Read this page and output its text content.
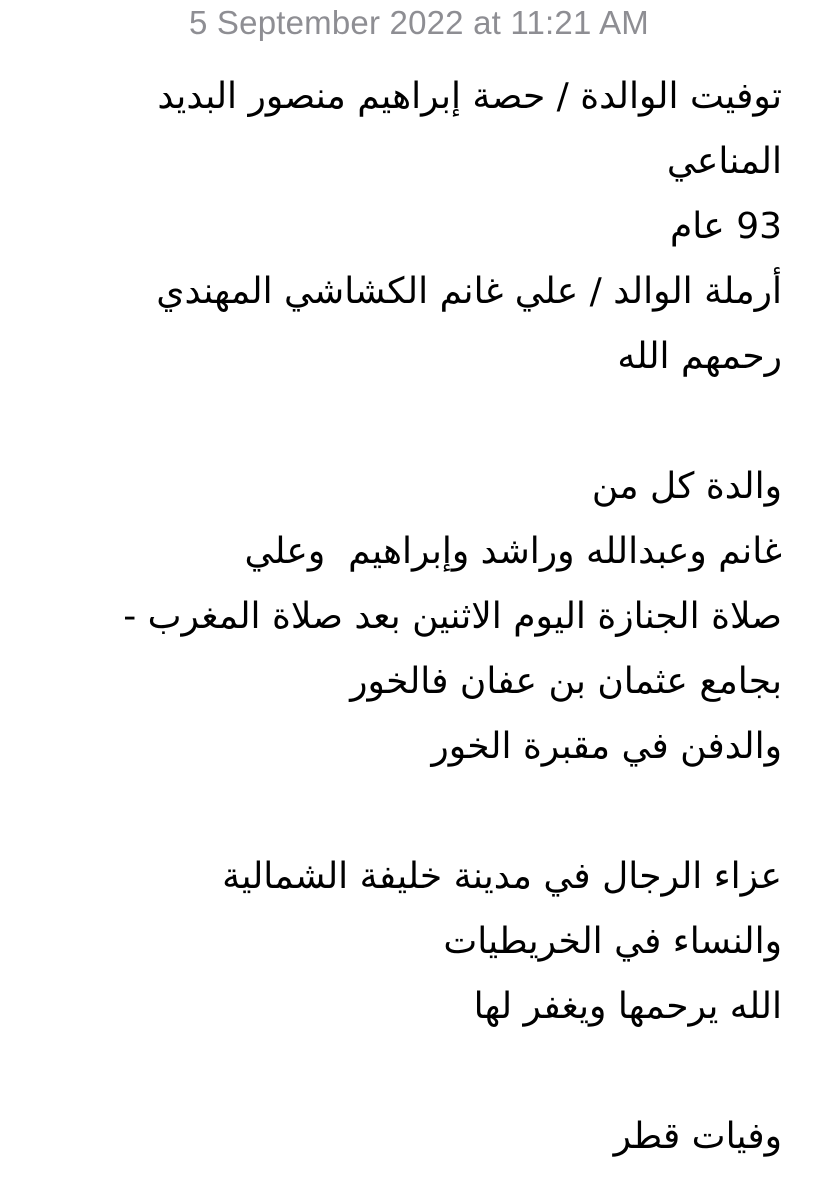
5 September 2022 at 11:21 AM
توفيت الوالدة / حصة إبراهيم منصور البديد
المناعي
93 عام
أرملة الوالد / علي غانم الكشاشي المهندي
رحمهم الله
والدة كل من
غانم وعبدالله وراشد وإبراهيم  وعلي
صلاة الجنازة اليوم الاثنين بعد صلاة المغرب -
بجامع عثمان بن عفان فالخور
والدفن في مقبرة الخور
عزاء الرجال في مدينة خليفة الشمالية
والنساء في الخريطيات
الله يرحمها ويغفر لها
وفيات قطر
